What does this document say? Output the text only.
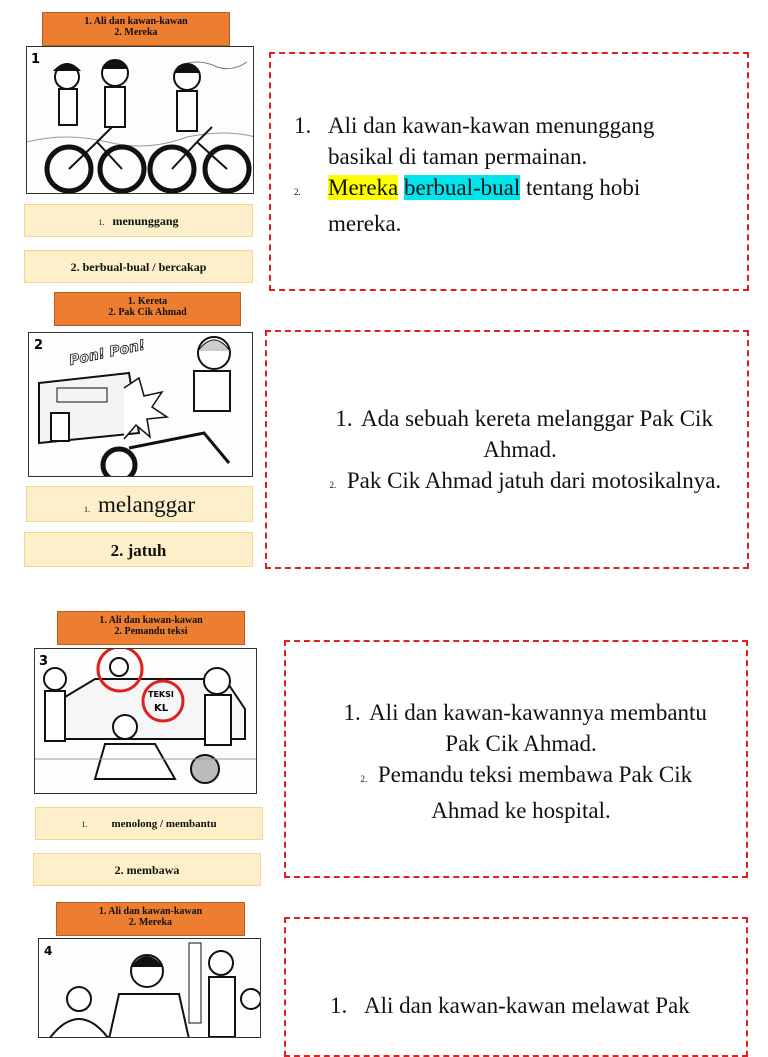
1. Ali dan kawan-kawan
2. Mereka
1
1. menunggang
2. berbual-bual / bercakap
1. Ali dan kawan-kawan menunggang
basikal di taman permainan.
2. Mereka berbual-bual tentang hobi
mereka.
1. Kereta
2. Pak Cik Ahmad
2 Pon! Pon!
1. melanggar
2. jatuh
1. Ada sebuah kereta melanggar Pak Cik
Ahmad.
2. Pak Cik Ahmad jatuh dari motosikalnya.
1. Ali dan kawan-kawan
2. Pemandu teksi
3
TEKSI
KL
1. menolong / membantu
2. membawa
1. Ali dan kawan-kawannya membantu
Pak Cik Ahmad.
2. Pemandu teksi membawa Pak Cik
Ahmad ke hospital.
1. Ali dan kawan-kawan
2. Mereka
4
1. Ali dan kawan-kawan melawat Pak
